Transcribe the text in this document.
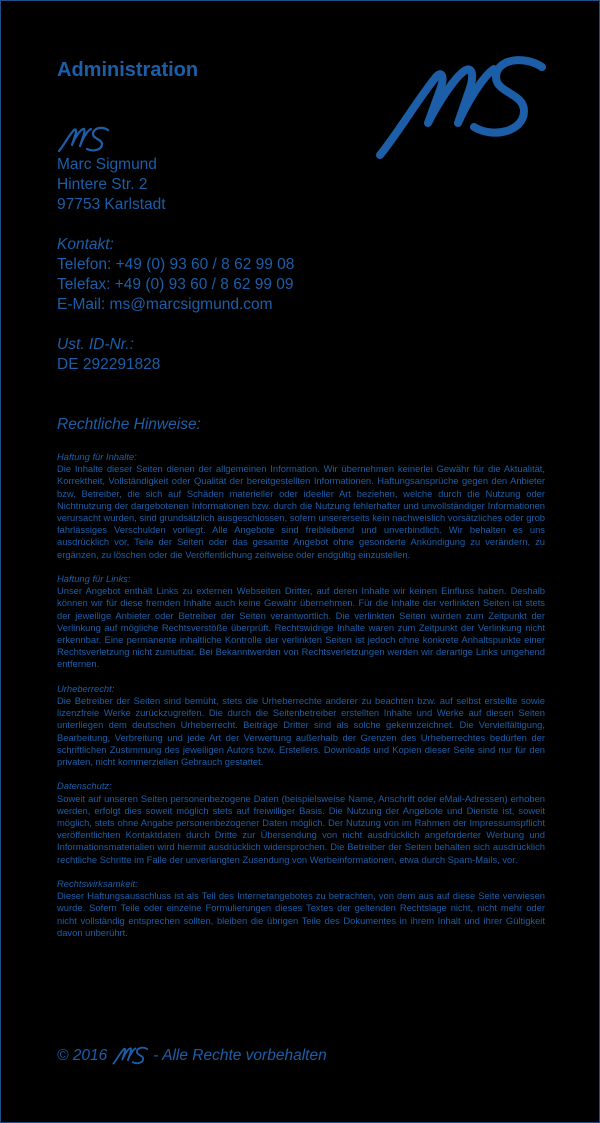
Administration
Marc Sigmund
Hintere Str. 2
97753 Karlstadt
Kontakt:
Telefon: +49 (0) 93 60 / 8 62 99 08
Telefax: +49 (0) 93 60 / 8 62 99 09
E-Mail: ms@marcsigmund.com
Ust. ID-Nr.:
DE 292291828
Rechtliche Hinweise:
Haftung für Inhalte:
Die Inhalte dieser Seiten dienen der allgemeinen Information. Wir übernehmen keinerlei Gewähr für die Aktualität, Korrektheit, Vollständigkeit oder Qualität der bereitgestellten Informationen. Haftungsansprüche gegen den Anbieter bzw. Betreiber, die sich auf Schäden materieller oder ideeller Art beziehen, welche durch die Nutzung oder Nichtnutzung der dargebotenen Informationen bzw. durch die Nutzung fehlerhafter und unvollständiger Informationen verursacht wurden, sind grundsätzlich ausgeschlossen, sofern unsererseits kein nachweislich vorsätzliches oder grob fahrlässiges Verschulden vorliegt. Alle Angebote sind freibleibend und unverbindlich. Wir behalten es uns ausdrücklich vor, Teile der Seiten oder das gesamte Angebot ohne gesonderte Ankündigung zu verändern, zu ergänzen, zu löschen oder die Veröffentlichung zeitweise oder endgültig einzustellen.
Haftung für Links:
Unser Angebot enthält Links zu externen Webseiten Dritter, auf deren Inhalte wir keinen Einfluss haben. Deshalb können wir für diese fremden Inhalte auch keine Gewähr übernehmen. Für die Inhalte der verlinkten Seiten ist stets der jeweilige Anbieter oder Betreiber der Seiten verantwortlich. Die verlinkten Seiten wurden zum Zeitpunkt der Verlinkung auf mögliche Rechtsverstöße überprüft. Rechtswidrige Inhalte waren zum Zeitpunkt der Verlinkung nicht erkennbar. Eine permanente inhaltliche Kontrolle der verlinkten Seiten ist jedoch ohne konkrete Anhaltspunkte einer Rechtsverletzung nicht zumutbar. Bei Bekanntwerden von Rechtsverletzungen werden wir derartige Links umgehend entfernen.
Urheberrecht:
Die Betreiber der Seiten sind bemüht, stets die Urheberrechte anderer zu beachten bzw. auf selbst erstellte sowie lizenzfreie Werke zurückzugreifen. Die durch die Seitenbetreiber erstellten Inhalte und Werke auf diesen Seiten unterliegen dem deutschen Urheberrecht. Beiträge Dritter sind als solche gekennzeichnet. Die Vervielfältigung, Bearbeitung, Verbreitung und jede Art der Verwertung außerhalb der Grenzen des Urheberrechtes bedürfen der schriftlichen Zustimmung des jeweiligen Autors bzw. Erstellers. Downloads und Kopien dieser Seite sind nur für den privaten, nicht kommerziellen Gebrauch gestattet.
Datenschutz:
Soweit auf unseren Seiten personenbezogene Daten (beispielsweise Name, Anschrift oder eMail-Adressen) erhoben werden, erfolgt dies soweit möglich stets auf freiwilliger Basis. Die Nutzung der Angebote und Dienste ist, soweit möglich, stets ohne Angabe personenbezogener Daten möglich. Der Nutzung von im Rahmen der Impressumspflicht veröffentlichten Kontaktdaten durch Dritte zur Übersendung von nicht ausdrücklich angeforderter Werbung und Informationsmaterialien wird hiermit ausdrücklich widersprochen. Die Betreiber der Seiten behalten sich ausdrücklich rechtliche Schritte im Falle der unverlangten Zusendung von Werbeinformationen, etwa durch Spam-Mails, vor.
Rechtswirksamkeit:
Dieser Haftungsausschluss ist als Teil des Internetangebotes zu betrachten, von dem aus auf diese Seite verwiesen wurde. Sofern Teile oder einzelne Formulierungen dieses Textes der geltenden Rechtslage nicht, nicht mehr oder nicht vollständig entsprechen sollten, bleiben die übrigen Teile des Dokumentes in ihrem Inhalt und ihrer Gültigkeit davon unberührt.
© 2016	- Alle Rechte vorbehalten
